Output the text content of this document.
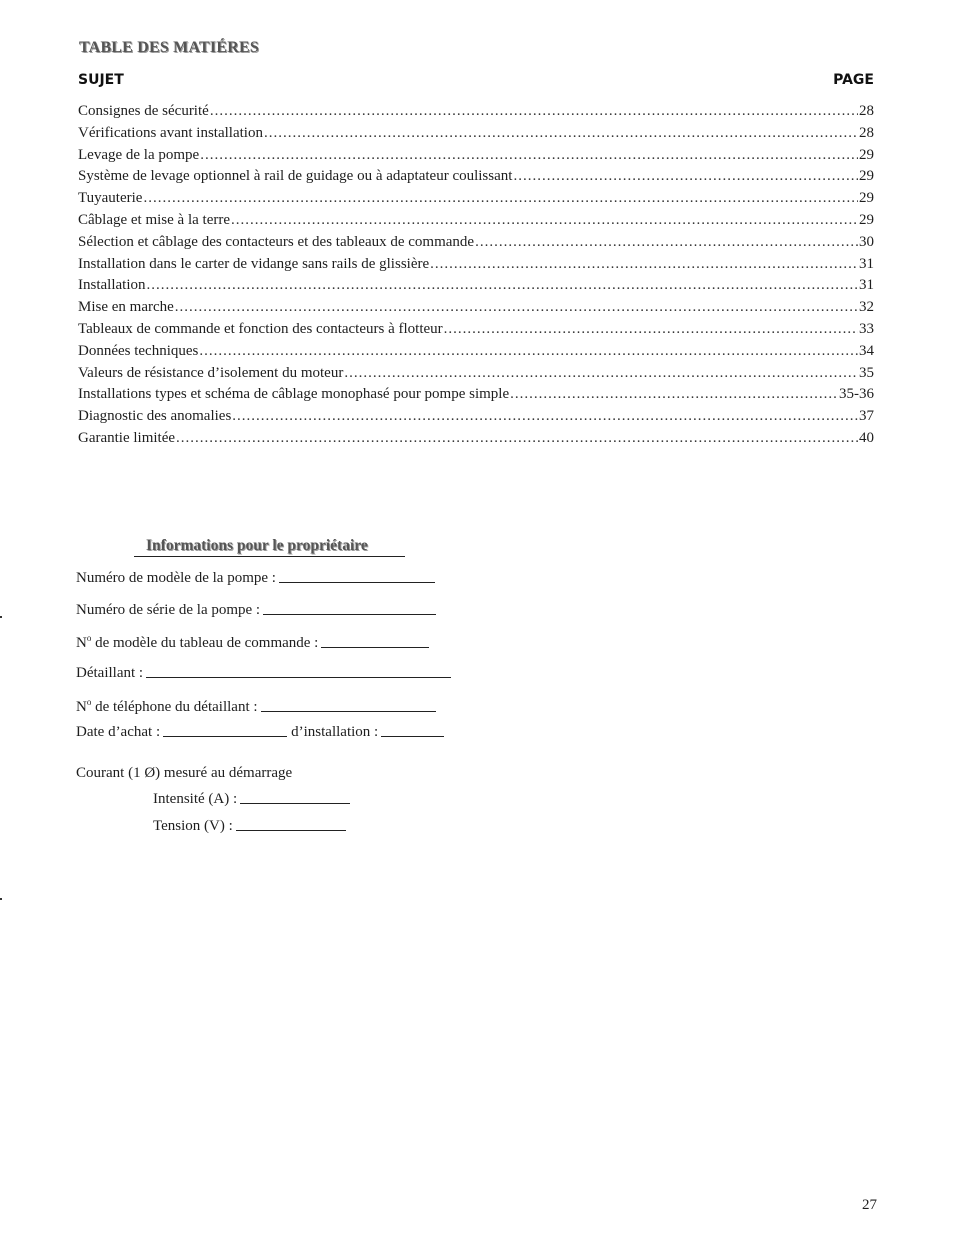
TABLE DES MATIÉRES
SUJET	PAGE
Consignes de sécurité .....	28
Vérifications avant installation .....	28
Levage de la pompe .....	29
Système de levage optionnel à rail de guidage ou à adaptateur coulissant .....	29
Tuyauterie .....	29
Câblage et mise à la terre .....	29
Sélection et câblage des contacteurs et des tableaux de commande .....	30
Installation dans le carter de vidange sans rails de glissière .....	31
Installation .....	31
Mise en marche .....	32
Tableaux de commande et fonction des contacteurs à flotteur .....	33
Données techniques .....	34
Valeurs de résistance d’isolement du moteur .....	35
Installations types et schéma de câblage monophasé pour pompe simple .....	35-36
Diagnostic des anomalies .....	37
Garantie limitée .....	40
Informations pour le propriétaire
Numéro de modèle de la pompe :
Numéro de série de la pompe :
$N^o$ de modèle du tableau de commande :
Détaillant :
$N^o$ de téléphone du détaillant :
Date d’achat :	d’installation :
Courant (1 Ø) mesuré au démarrage
Intensité (A) :
Tension (V) :
27
